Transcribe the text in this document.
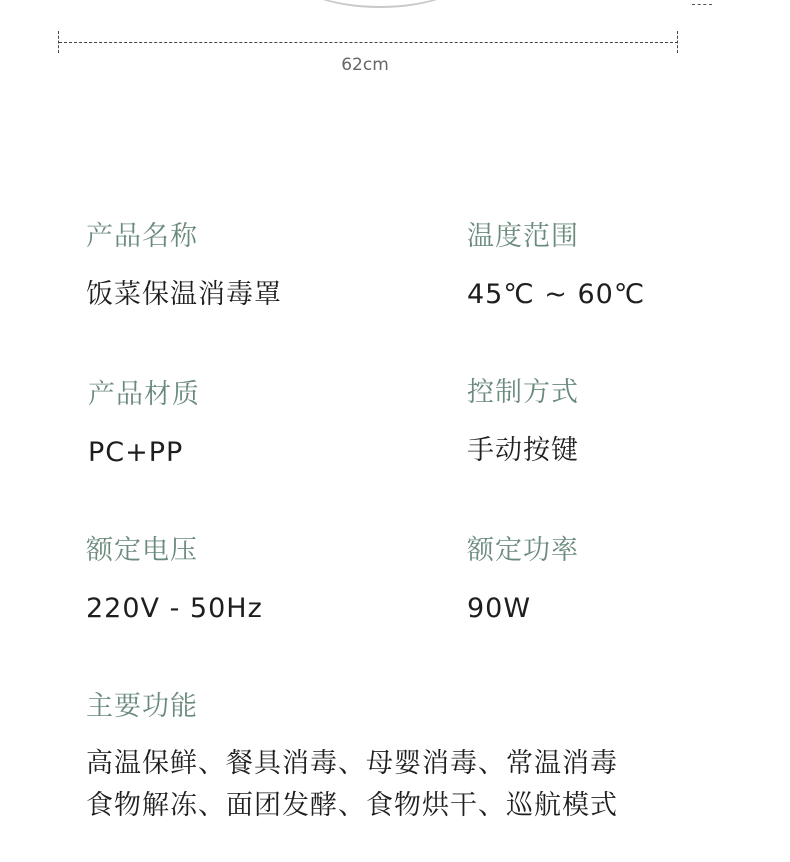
62cm
产品名称
饭菜保温消毒罩
温度范围
45℃ ~ 60℃
产品材质
PC+PP
控制方式
手动按键
额定电压
220V - 50Hz
额定功率
90W
主要功能
高温保鲜、餐具消毒、母婴消毒、常温消毒
食物解冻、面团发酵、食物烘干、巡航模式
